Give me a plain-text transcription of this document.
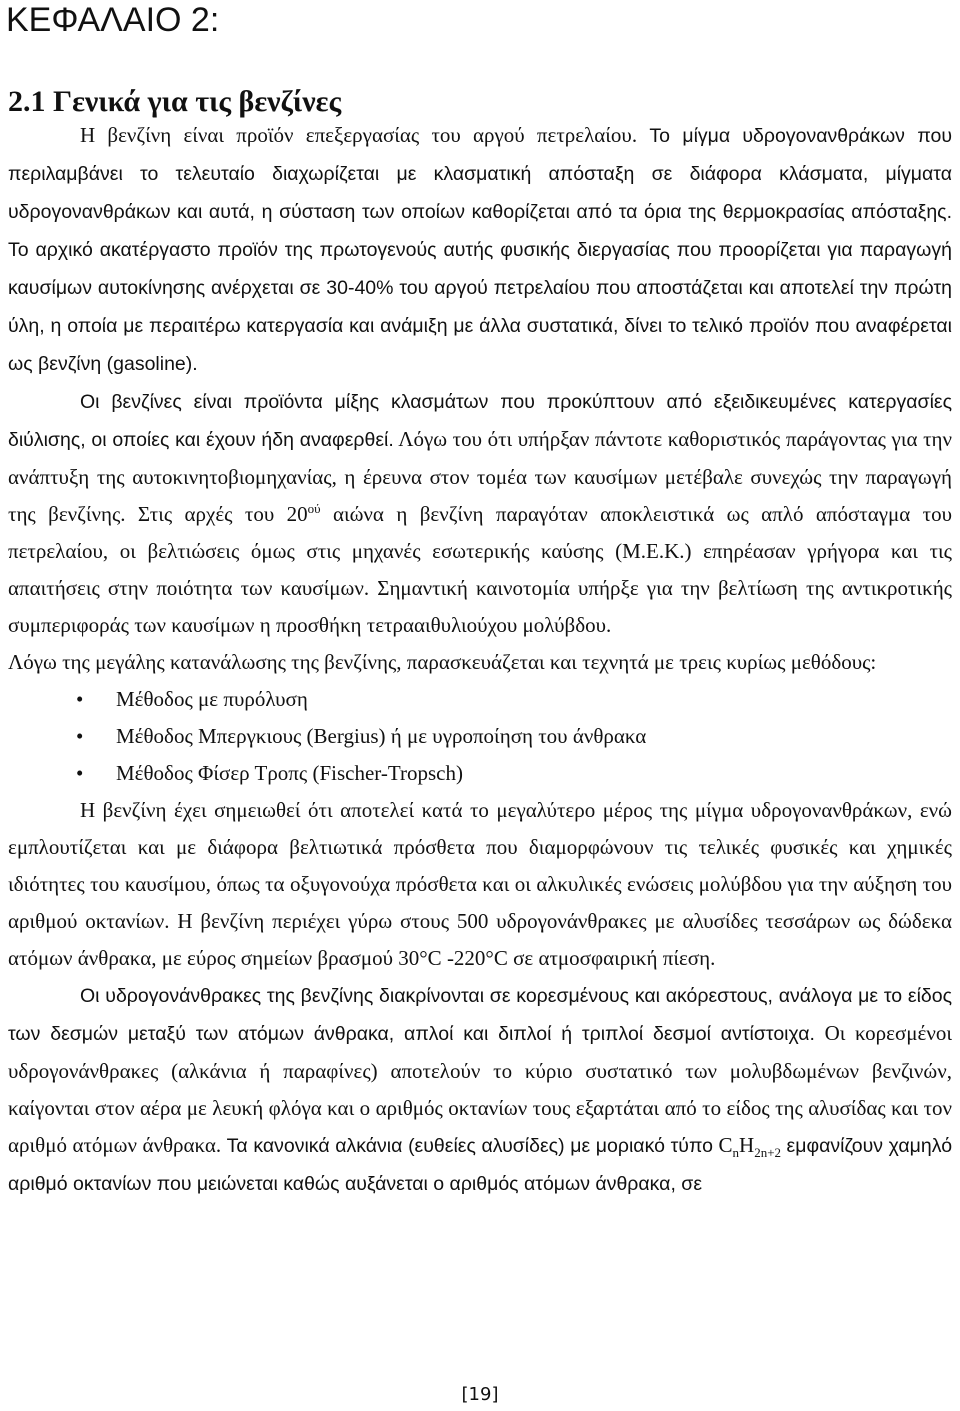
ΚΕΦΑΛΑΙΟ 2:
2.1 Γενικά για τις βενζίνες

Η βενζίνη είναι προϊόν επεξεργασίας του αργού πετρελαίου. Το μίγμα υδρογονανθράκων που περιλαμβάνει το τελευταίο διαχωρίζεται με κλασματική απόσταξη σε διάφορα κλάσματα, μίγματα υδρογονανθράκων και αυτά, η σύσταση των οποίων καθορίζεται από τα όρια της θερμοκρασίας απόσταξης. Το αρχικό ακατέργαστο προϊόν της πρωτογενούς αυτής φυσικής διεργασίας που προορίζεται για παραγωγή καυσίμων αυτοκίνησης ανέρχεται σε 30-40% του αργού πετρελαίου που αποστάζεται και αποτελεί την πρώτη ύλη, η οποία με περαιτέρω κατεργασία και ανάμιξη με άλλα συστατικά, δίνει το τελικό προϊόν που αναφέρεται ως βενζίνη (gasoline).

Οι βενζίνες είναι προϊόντα μίξης κλασμάτων που προκύπτουν από εξειδικευμένες κατεργασίες διύλισης, οι οποίες και έχουν ήδη αναφερθεί. Λόγω του ότι υπήρξαν πάντοτε καθοριστικός παράγοντας για την ανάπτυξη της αυτοκινητοβιομηχανίας, η έρευνα στον τομέα των καυσίμων μετέβαλε συνεχώς την παραγωγή της βενζίνης. Στις αρχές του $20^{oύ}$ αιώνα η βενζίνη παραγόταν αποκλειστικά ως απλό απόσταγμα του πετρελαίου, οι βελτιώσεις όμως στις μηχανές εσωτερικής καύσης (Μ.Ε.Κ.) επηρέασαν γρήγορα και τις απαιτήσεις στην ποιότητα των καυσίμων. Σημαντική καινοτομία υπήρξε για την βελτίωση της αντικροτικής συμπεριφοράς των καυσίμων η προσθήκη τετρααιθυλιούχου μολύβδου.

Λόγω της μεγάλης κατανάλωσης της βενζίνης, παρασκευάζεται και τεχνητά με τρεις κυρίως μεθόδους:

• Μέθοδος με πυρόλυση
• Μέθοδος Μπεργκιους (Bergius) ή με υγροποίηση του άνθρακα
• Μέθοδος Φίσερ Τροπς (Fischer-Tropsch)

Η βενζίνη έχει σημειωθεί ότι αποτελεί κατά το μεγαλύτερο μέρος της μίγμα υδρογονανθράκων, ενώ εμπλουτίζεται και με διάφορα βελτιωτικά πρόσθετα που διαμορφώνουν τις τελικές φυσικές και χημικές ιδιότητες του καυσίμου, όπως τα οξυγονούχα πρόσθετα και οι αλκυλικές ενώσεις μολύβδου για την αύξηση του αριθμού οκτανίων. Η βενζίνη περιέχει γύρω στους 500 υδρογονάνθρακες με αλυσίδες τεσσάρων ως δώδεκα ατόμων άνθρακα, με εύρος σημείων βρασμού 30°C -220°C σε ατμοσφαιρική πίεση.

Οι υδρογονάνθρακες της βενζίνης διακρίνονται σε κορεσμένους και ακόρεστους, ανάλογα με το είδος των δεσμών μεταξύ των ατόμων άνθρακα, απλοί και διπλοί ή τριπλοί δεσμοί αντίστοιχα. Οι κορεσμένοι υδρογονάνθρακες (αλκάνια ή παραφίνες) αποτελούν το κύριο συστατικό των μολυβδωμένων βενζινών, καίγονται στον αέρα με λευκή φλόγα και ο αριθμός οκτανίων τους εξαρτάται από το είδος της αλυσίδας και τον αριθμό ατόμων άνθρακα. Τα κανονικά αλκάνια (ευθείες αλυσίδες) με μοριακό τύπο $C_nH_{2n+2}$ εμφανίζουν χαμηλό αριθμό οκτανίων που μειώνεται καθώς αυξάνεται ο αριθμός ατόμων άνθρακα, σε

[19]
